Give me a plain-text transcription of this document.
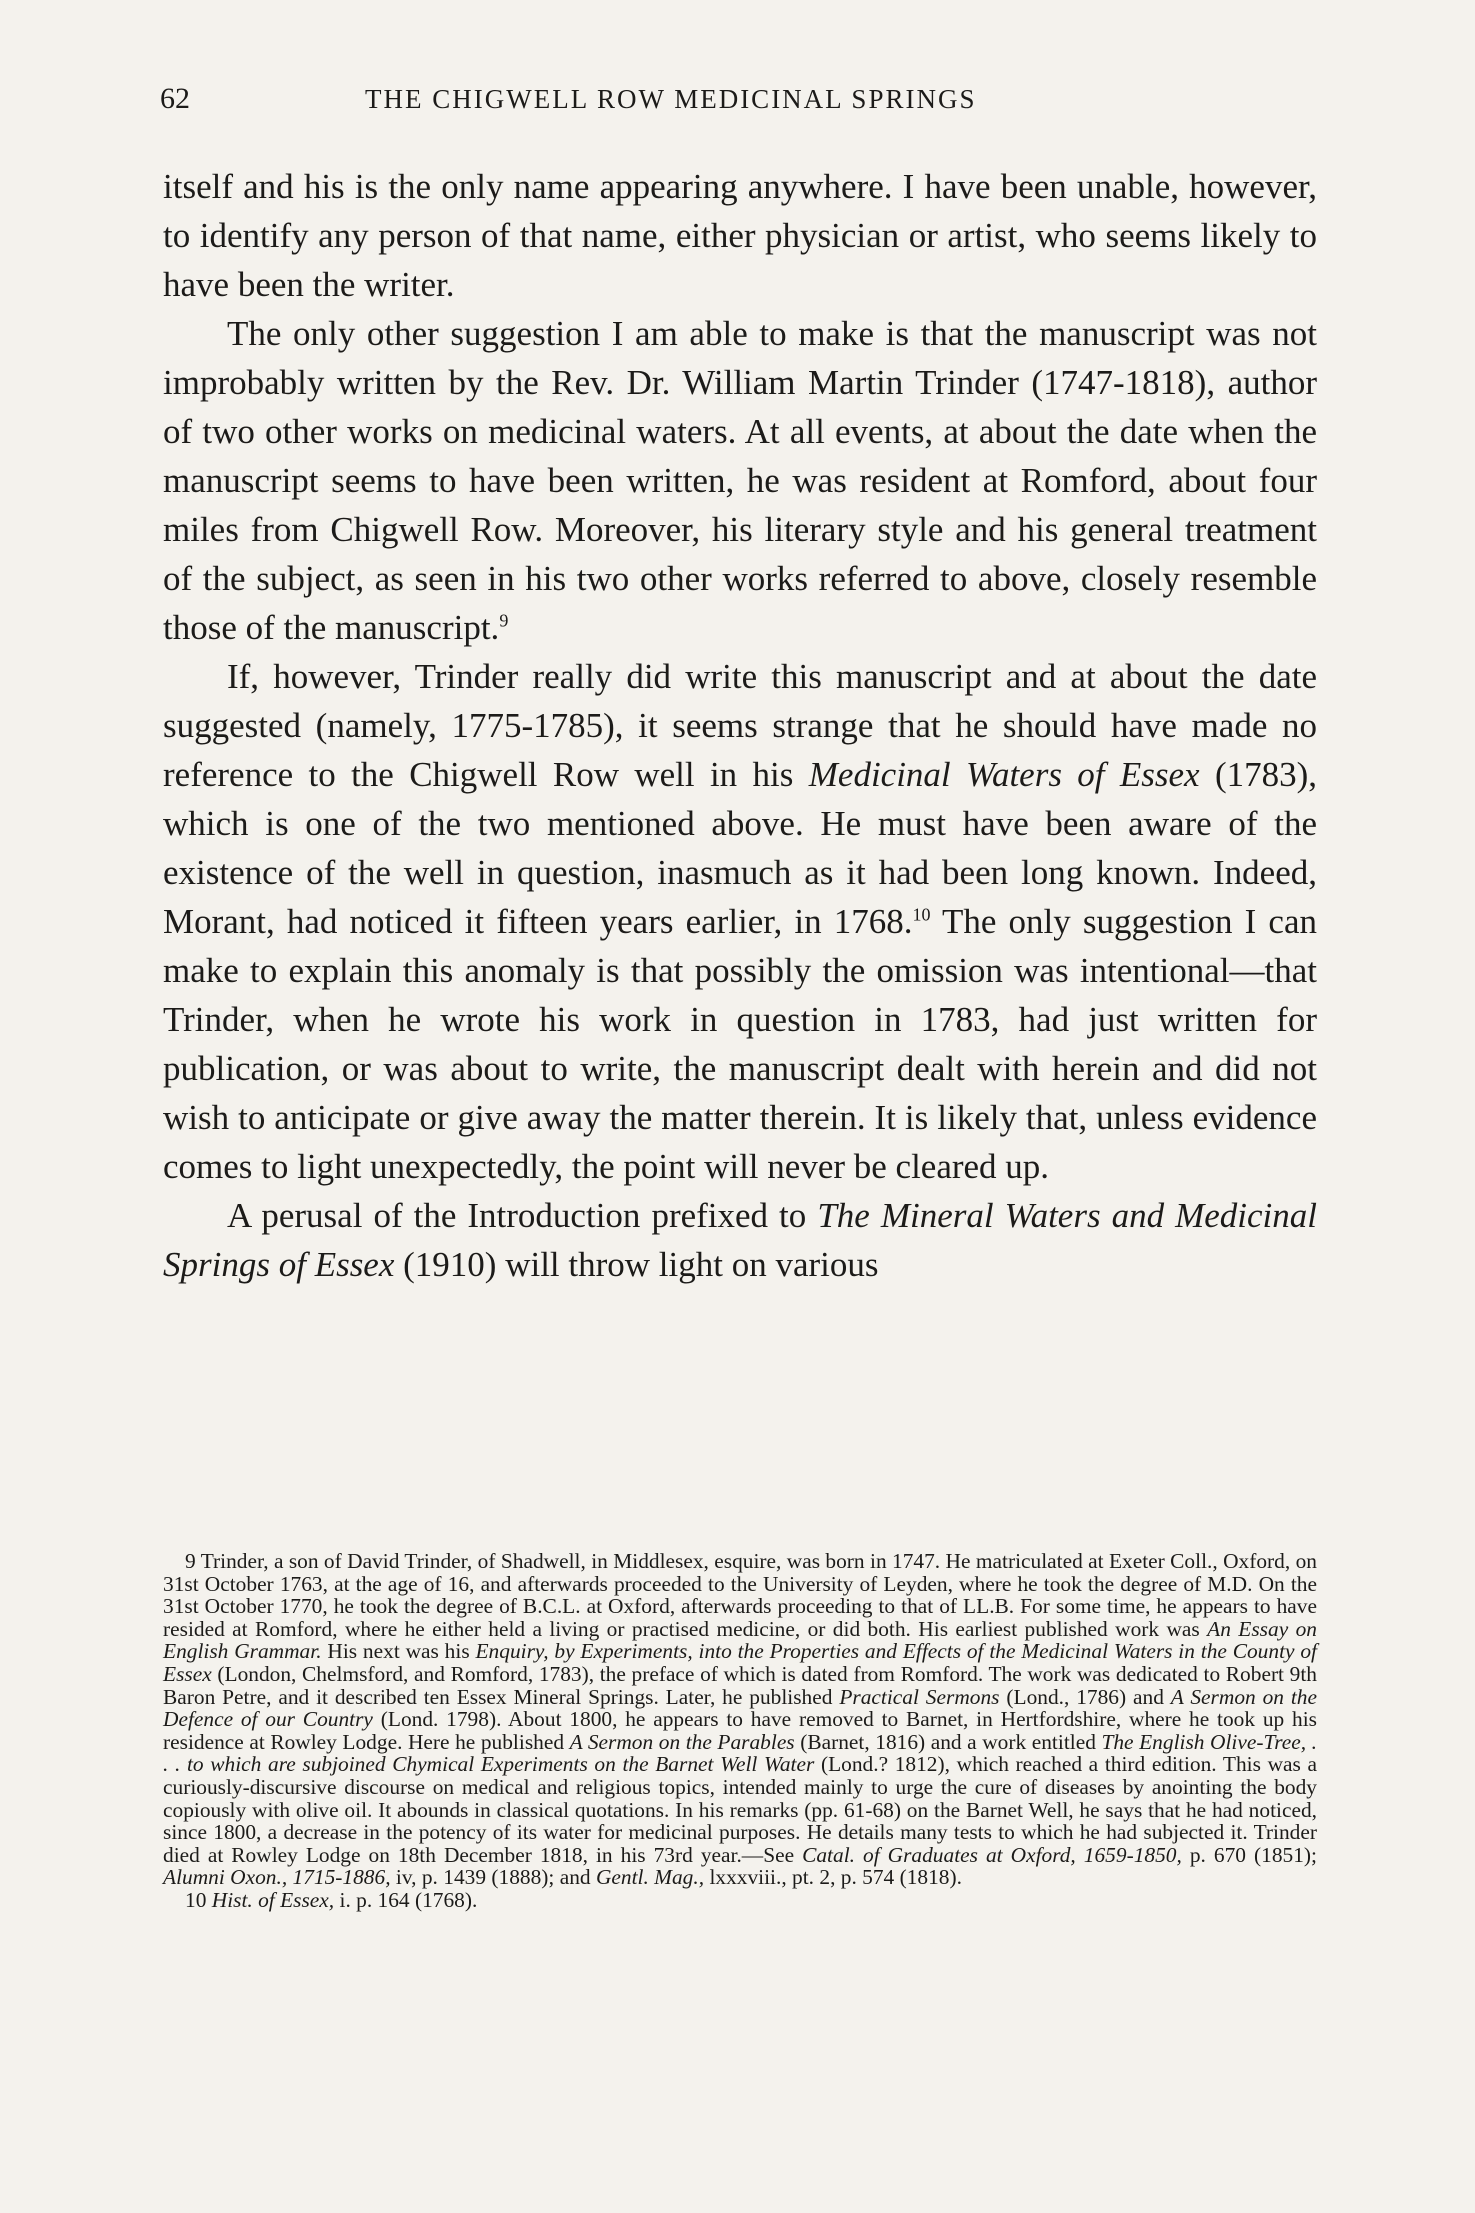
62	THE CHIGWELL ROW MEDICINAL SPRINGS

itself and his is the only name appearing anywhere. I have been unable, however, to identify any person of that name, either physician or artist, who seems likely to have been the writer.

The only other suggestion I am able to make is that the manuscript was not improbably written by the Rev. Dr. William Martin Trinder (1747-1818), author of two other works on medicinal waters. At all events, at about the date when the manuscript seems to have been written, he was resident at Romford, about four miles from Chigwell Row. Moreover, his literary style and his general treatment of the subject, as seen in his two other works referred to above, closely resemble those of the manuscript.$^9$

If, however, Trinder really did write this manuscript and at about the date suggested (namely, 1775-1785), it seems strange that he should have made no reference to the Chigwell Row well in his Medicinal Waters of Essex (1783), which is one of the two mentioned above. He must have been aware of the existence of the well in question, inasmuch as it had been long known. Indeed, Morant, had noticed it fifteen years earlier, in 1768.10 The only suggestion I can make to explain this anomaly is that possibly the omission was intentional—that Trinder, when he wrote his work in question in 1783, had just written for publication, or was about to write, the manuscript dealt with herein and did not wish to anticipate or give away the matter therein. It is likely that, unless evidence comes to light unexpectedly, the point will never be cleared up.

A perusal of the Introduction prefixed to The Mineral Waters and Medicinal Springs of Essex (1910) will throw light on various

9 Trinder, a son of David Trinder, of Shadwell, in Middlesex, esquire, was born in 1747. He matriculated at Exeter Coll., Oxford, on 31st October 1763, at the age of 16, and afterwards proceeded to the University of Leyden, where he took the degree of M.D. On the 31st October 1770, he took the degree of B.C.L. at Oxford, afterwards proceeding to that of LL.B. For some time, he appears to have resided at Romford, where he either held a living or practised medicine, or did both. His earliest published work was An Essay on English Grammar. His next was his Enquiry, by Experiments, into the Properties and Effects of the Medicinal Waters in the County of Essex (London, Chelmsford, and Romford, 1783), the preface of which is dated from Romford. The work was dedicated to Robert 9th Baron Petre, and it described ten Essex Mineral Springs. Later, he published Practical Sermons (Lond., 1786) and A Sermon on the Defence of our Country (Lond. 1798). About 1800, he appears to have removed to Barnet, in Hertfordshire, where he took up his residence at Rowley Lodge. Here he published A Sermon on the Parables (Barnet, 1816) and a work entitled The English Olive-Tree, . . . to which are subjoined Chymical Experiments on the Barnet Well Water (Lond.? 1812), which reached a third edition. This was a curiously-discursive discourse on medical and religious topics, intended mainly to urge the cure of diseases by anointing the body copiously with olive oil. It abounds in classical quotations. In his remarks (pp. 61-68) on the Barnet Well, he says that he had noticed, since 1800, a decrease in the potency of its water for medicinal purposes. He details many tests to which he had subjected it. Trinder died at Rowley Lodge on 18th December 1818, in his 73rd year.—See Catal. of Graduates at Oxford, 1659-1850, p. 670 (1851); Alumni Oxon., 1715-1886, iv, p. 1439 (1888); and Gentl. Mag., lxxxviii., pt. 2, p. 574 (1818).

10 Hist. of Essex, i. p. 164 (1768).
